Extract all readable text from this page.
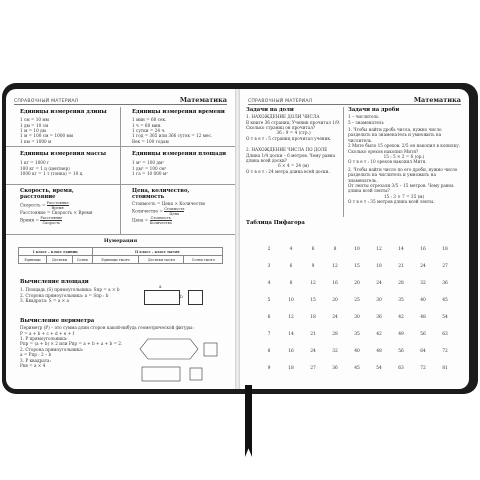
СПРАВОЧНЫЙ МАТЕРИАЛ	Математика
Единицы измерения длины
1 см = 10 мм
1 дм = 10 см
1 м = 10 дм
1 м = 100 см = 1000 мм
1 км = 1000 м
Единицы измерения времени
1 мин = 60 сек.
1 ч = 60 мин.
1 сутки = 24 ч.
1 год = 365 или 366 суток = 12 мес.
Век = 100 годам
Единицы измерения массы
1 кг = 1000 г
100 кг = 1 ц (центнер)
1000 кг = 1 т (тонна) = 10 ц
Единицы измерения площади
1 м² = 100 дм²
1 дм² = 100 см²
1 га = 10 000 м²
Скорость, время,
расстояние
Скорость = $\frac{\text{Расстояние}}{\text{Время}}$
Расстояние = Скорость × Время
Время = $\frac{\text{Расстояние}}{\text{Скорость}}$
Цена, количество,
стоимость
Стоимость = Цена × Количество
Количество = $\frac{\text{Стоимость}}{\text{Цена}}$
Цена = $\frac{\text{Стоимость}}{\text{Количество}}$
Нумерация
I класс – класс единиц			II класс – класс тысяч		
Единицы	Десятки	Сотни	Единицы тысяч	Десятки тысяч	Сотни тысяч
Вычисление площади
1. Площадь (S) прямоугольника: Sпр = a × b
2. Сторона прямоугольника: a = Sпр : b
3. Квадрата: S = a × a
a
b
Вычисление периметра
Периметр (P) – это сумма длин сторон какой-нибудь геометрической фигуры:
P = a + b + c + d + e + f
1. P прямоугольника:
Pпр = (a + b) × 2 или Pпр = a + b + a + b = 2.
2. Сторона прямоугольника:
a = Pпр : 2 – b
3. P квадрата:
Pкв = a × 4
СПРАВОЧНЫЙ МАТЕРИАЛ	Математика
Задачи на доли
1. НАХОЖДЕНИЕ ДОЛИ ЧИСЛА
В книге 36 страниц. Ученик прочитал 1/9. Сколько страниц он прочитал?
36 : 9 = 4 (стр.)
О т в е т : 5 страниц прочитал ученик.
2. НАХОЖДЕНИЕ ЧИСЛА ПО ДОЛЕ
Длина 1/4 доски – 6 метров. Чему равна длина всей доски?
6 × 4 = 24 (м)
О т в е т : 24 метра длина всей доски.
Задачи на дроби
1 – числитель
5 – знаменатель
1. Чтобы найти дробь числа, нужно число разделить на знаменатель и умножить на числитель.
2 Мите было 15 орехов. 2/5 он накопил в копилку. Сколько орехов накопил Митя?
15 : 5 × 2 = 6 (ор.)
О т в е т : 10 орехов накопил Митя.
2. Чтобы найти число по его дроби, нужно число разделить на числитель и умножить на знаменатель.
От ленты отрезали 3/5 – 15 метров. Чему равна длина всей ленты?
15 : 3 × 7 = 35 (м)
О т в е т : 35 метров длина всей ленты.
Таблица Пифагора
2	4	6	8	10	12	14	16	18
3	6	9	12	15	18	21	24	27
4	8	12	16	20	24	28	32	36
5	10	15	20	25	30	35	40	45
6	12	18	24	30	36	42	48	54
7	14	21	28	35	42	49	56	63
8	16	24	32	40	48	56	64	72
9	18	27	36	45	54	63	72	81
